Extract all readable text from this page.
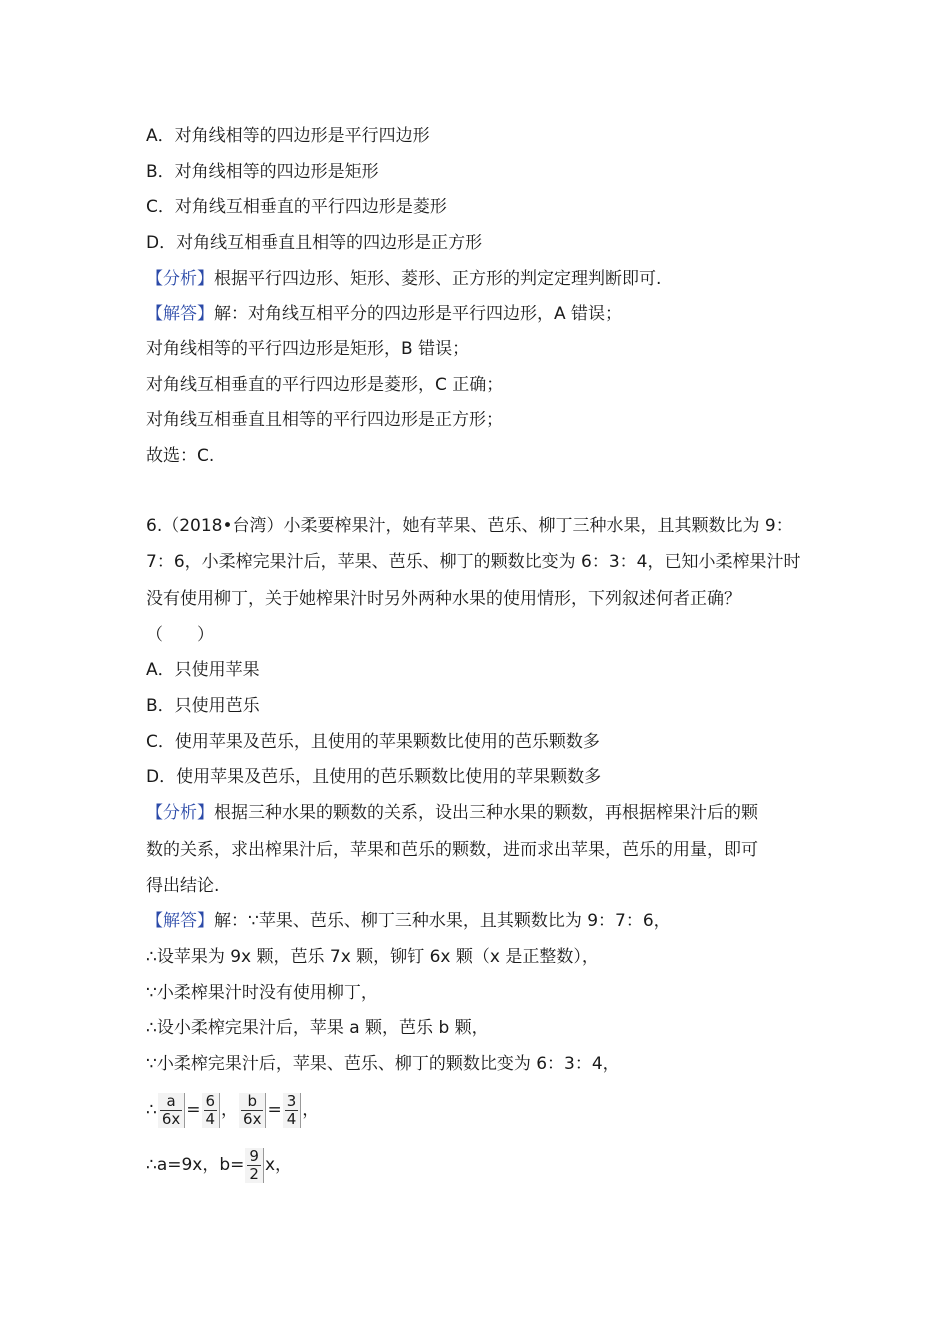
A．对角线相等的四边形是平行四边形
B．对角线相等的四边形是矩形
C．对角线互相垂直的平行四边形是菱形
D．对角线互相垂直且相等的四边形是正方形
【分析】根据平行四边形、矩形、菱形、正方形的判定定理判断即可.
【解答】解：对角线互相平分的四边形是平行四边形，A 错误；
对角线相等的平行四边形是矩形，B 错误；
对角线互相垂直的平行四边形是菱形，C 正确；
对角线互相垂直且相等的平行四边形是正方形；
故选：C.
6.（2018•台湾）小柔要榨果汁，她有苹果、芭乐、柳丁三种水果，且其颗数比为 9：
7：6，小柔榨完果汁后，苹果、芭乐、柳丁的颗数比变为 6：3：4，已知小柔榨果汁时
没有使用柳丁，关于她榨果汁时另外两种水果的使用情形，下列叙述何者正确？
（　　）
A．只使用苹果
B．只使用芭乐
C．使用苹果及芭乐，且使用的苹果颗数比使用的芭乐颗数多
D．使用苹果及芭乐，且使用的芭乐颗数比使用的苹果颗数多
【分析】根据三种水果的颗数的关系，设出三种水果的颗数，再根据榨果汁后的颗
数的关系，求出榨果汁后，苹果和芭乐的颗数，进而求出苹果，芭乐的用量，即可
得出结论.
【解答】解：∵苹果、芭乐、柳丁三种水果，且其颗数比为 9：7：6，
∴设苹果为 9x 颗，芭乐 7x 颗，铆钉 6x 颗（x 是正整数），
∵小柔榨果汁时没有使用柳丁，
∴设小柔榨完果汁后，苹果 a 颗，芭乐 b 颗，
∵小柔榨完果汁后，苹果、芭乐、柳丁的颗数比变为 6：3：4，
∴ $\frac{a}{6x} = \frac{6}{4}$ ， $\frac{b}{6x} = \frac{3}{4}$ ，
∴a=9x，$b= \frac{9}{2}$ x，
